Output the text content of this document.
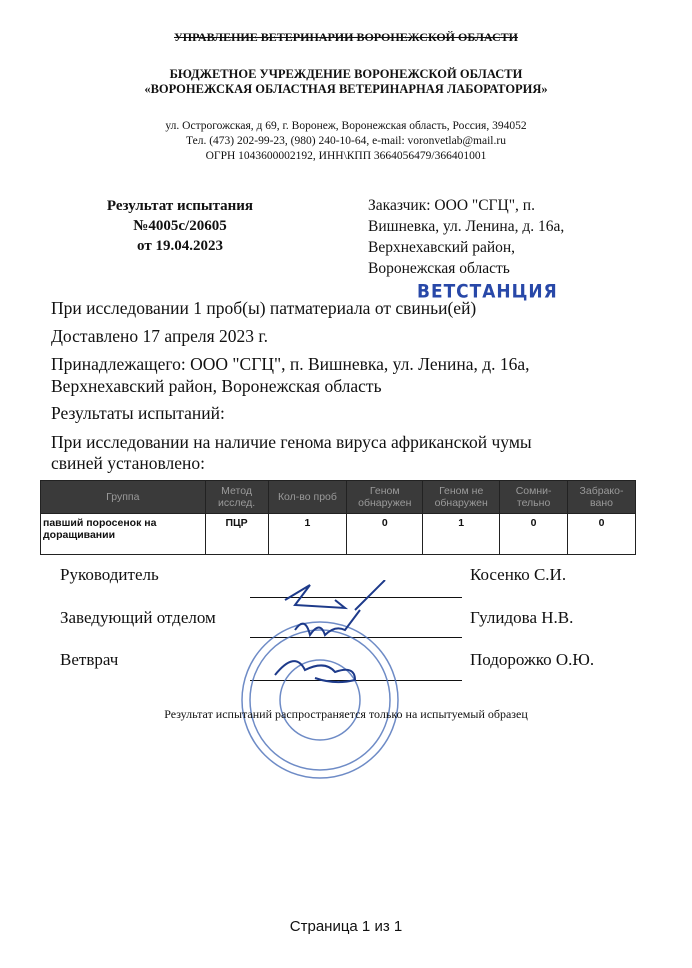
УПРАВЛЕНИЕ ВЕТЕРИНАРИИ ВОРОНЕЖСКОЙ ОБЛАСТИ
БЮДЖЕТНОЕ УЧРЕЖДЕНИЕ ВОРОНЕЖСКОЙ ОБЛАСТИ
«ВОРОНЕЖСКАЯ ОБЛАСТНАЯ ВЕТЕРИНАРНАЯ ЛАБОРАТОРИЯ»
ул. Острогожская, д 69, г. Воронеж, Воронежская область, Россия, 394052
Тел. (473) 202-99-23, (980) 240-10-64, e-mail: voronvetlab@mail.ru
ОГРН 1043600002192, ИНН\КПП 3664056479/366401001
Результат испытания
№4005с/20605
от 19.04.2023
Заказчик: ООО "СГЦ", п.
Вишневка, ул. Ленина, д. 16а,
Верхнехавский район,
Воронежская область
ВЕТСТАНЦИЯ
При исследовании 1 проб(ы) патматериала от свиньи(ей)
Доставлено 17 апреля 2023 г.
Принадлежащего: ООО "СГЦ", п. Вишневка, ул. Ленина, д. 16а,
Верхнехавский район, Воронежская область
Результаты испытаний:
При исследовании на наличие генома вируса африканской чумы
свиней установлено:
Группа	Метод исслед.	Кол-во проб	Геном обнаружен	Геном не обнаружен	Сомни-тельно	Забрако-вано
павший поросенок на доращивании	ПЦР	1	0	1	0	0
Руководитель	Косенко С.И.
Заведующий отделом	Гулидова Н.В.
Ветврач	Подорожко О.Ю.
Результат испытаний распространяется только на испытуемый образец
Страница 1 из 1
